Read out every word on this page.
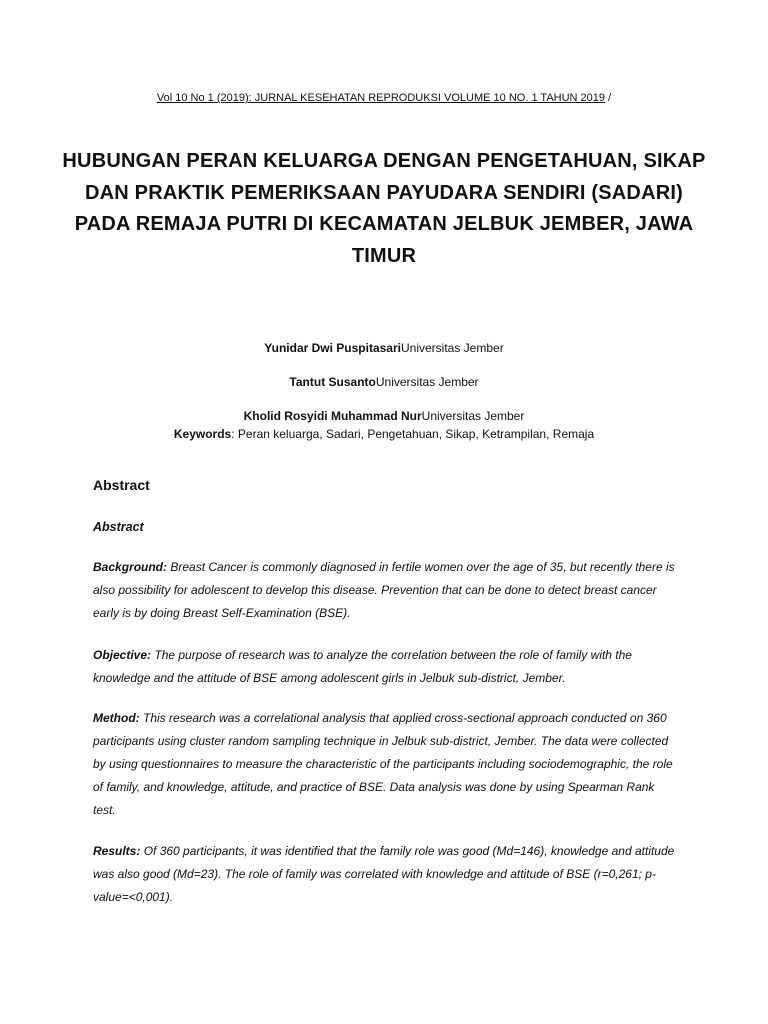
Vol 10 No 1 (2019): JURNAL KESEHATAN REPRODUKSI VOLUME 10 NO. 1 TAHUN 2019 /
HUBUNGAN PERAN KELUARGA DENGAN PENGETAHUAN, SIKAP DAN PRAKTIK PEMERIKSAAN PAYUDARA SENDIRI (SADARI) PADA REMAJA PUTRI DI KECAMATAN JELBUK JEMBER, JAWA TIMUR
Yunidar Dwi PuspitasariUniversitas Jember
Tantut SusantoUniversitas Jember
Kholid Rosyidi Muhammad NurUniversitas Jember
Keywords: Peran keluarga, Sadari, Pengetahuan, Sikap, Ketrampilan, Remaja
Abstract
Abstract

Background: Breast Cancer is commonly diagnosed in fertile women over the age of 35, but recently there is also possibility for adolescent to develop this disease. Prevention that can be done to detect breast cancer early is by doing Breast Self-Examination (BSE).

Objective: The purpose of research was to analyze the correlation between the role of family with the knowledge and the attitude of BSE among adolescent girls in Jelbuk sub-district, Jember.

Method: This research was a correlational analysis that applied cross-sectional approach conducted on 360 participants using cluster random sampling technique in Jelbuk sub-district, Jember. The data were collected by using questionnaires to measure the characteristic of the participants including sociodemographic, the role of family, and knowledge, attitude, and practice of BSE. Data analysis was done by using Spearman Rank test.

Results: Of 360 participants, it was identified that the family role was good (Md=146), knowledge and attitude was also good (Md=23). The role of family was correlated with knowledge and attitude of BSE (r=0,261; p-value=<0,001).
